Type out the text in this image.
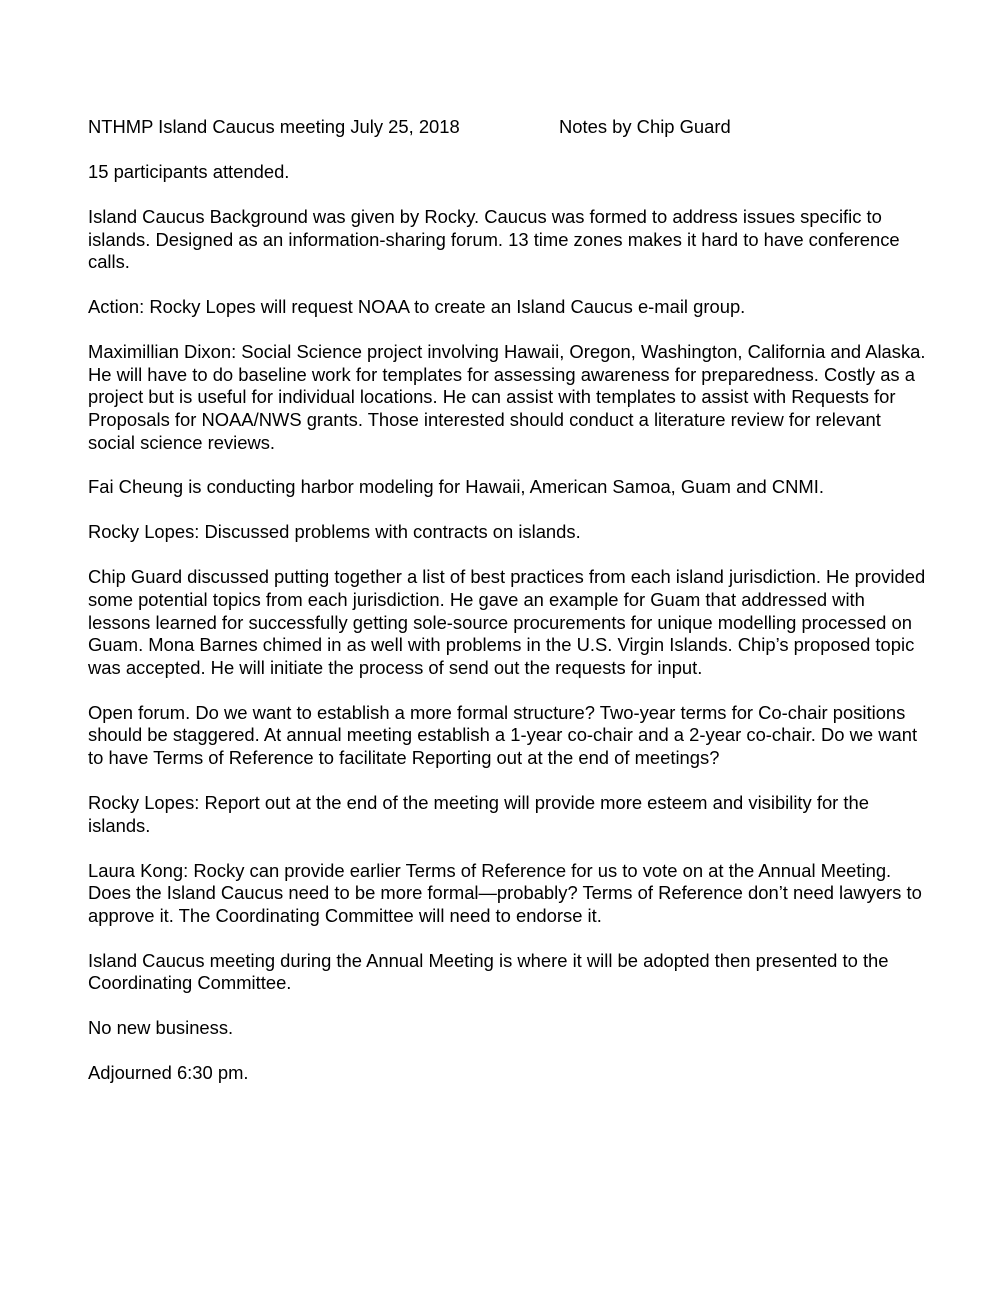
NTHMP Island Caucus meeting July 25, 2018	Notes by Chip Guard

15 participants attended.

Island Caucus Background was given by Rocky. Caucus was formed to address issues specific to islands. Designed as an information-sharing forum. 13 time zones makes it hard to have conference calls.

Action: Rocky Lopes will request NOAA to create an Island Caucus e-mail group.

Maximillian Dixon: Social Science project involving Hawaii, Oregon, Washington, California and Alaska. He will have to do baseline work for templates for assessing awareness for preparedness. Costly as a project but is useful for individual locations. He can assist with templates to assist with Requests for Proposals for NOAA/NWS grants. Those interested should conduct a literature review for relevant social science reviews.

Fai Cheung is conducting harbor modeling for Hawaii, American Samoa, Guam and CNMI.

Rocky Lopes: Discussed problems with contracts on islands.

Chip Guard discussed putting together a list of best practices from each island jurisdiction. He provided some potential topics from each jurisdiction. He gave an example for Guam that addressed with lessons learned for successfully getting sole-source procurements for unique modelling processed on Guam. Mona Barnes chimed in as well with problems in the U.S. Virgin Islands. Chip’s proposed topic was accepted. He will initiate the process of send out the requests for input.

Open forum. Do we want to establish a more formal structure? Two-year terms for Co-chair positions should be staggered. At annual meeting establish a 1-year co-chair and a 2-year co-chair. Do we want to have Terms of Reference to facilitate Reporting out at the end of meetings?

Rocky Lopes: Report out at the end of the meeting will provide more esteem and visibility for the islands.

Laura Kong: Rocky can provide earlier Terms of Reference for us to vote on at the Annual Meeting. Does the Island Caucus need to be more formal—probably? Terms of Reference don’t need lawyers to approve it. The Coordinating Committee will need to endorse it.

Island Caucus meeting during the Annual Meeting is where it will be adopted then presented to the Coordinating Committee.

No new business.

Adjourned 6:30 pm.
